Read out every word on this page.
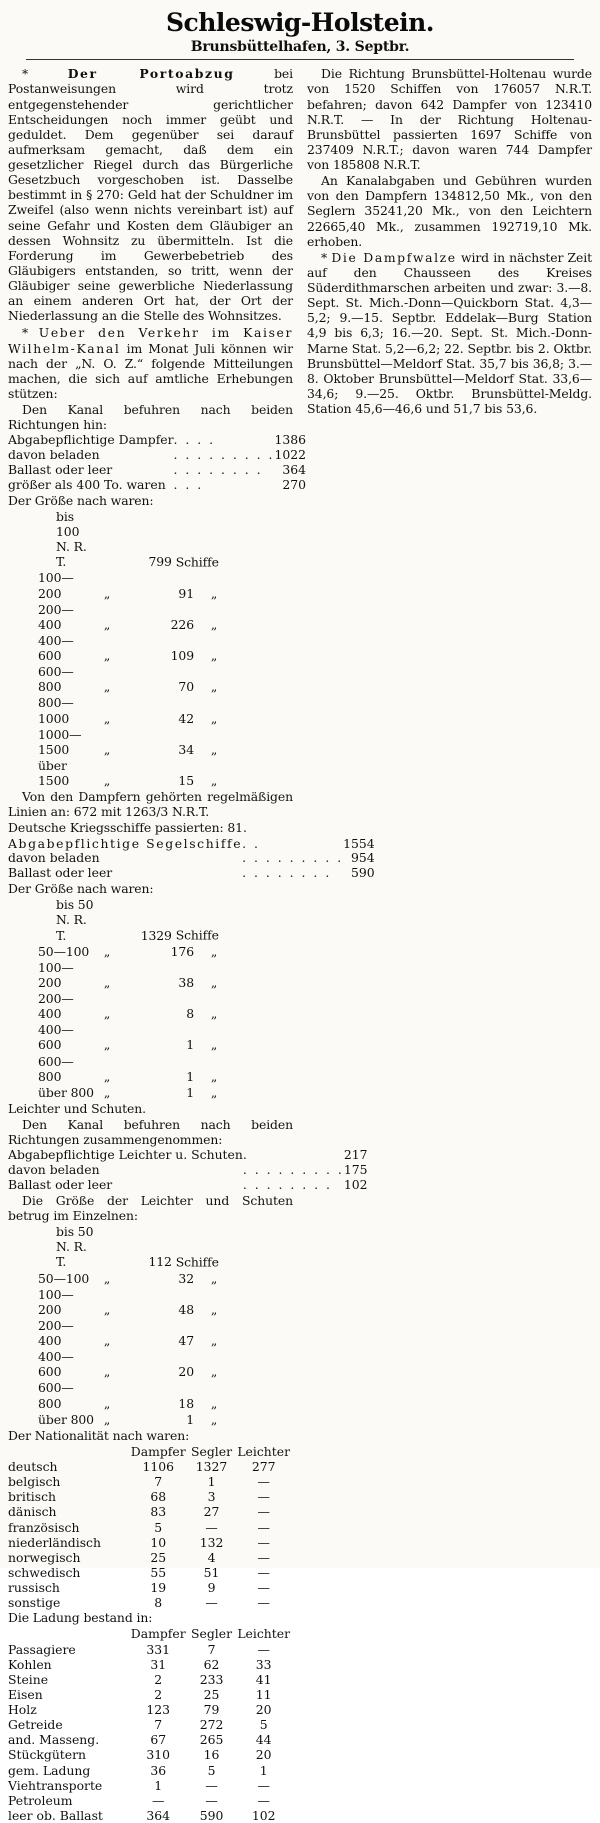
Schleswig-Holstein.
Brunsbüttelhafen, 3. Septbr.
*	Der Portoabzug	bei Postanweisungen wird trotz entgegenstehender gerichtlicher Entscheidungen noch immer geübt und geduldet. Dem gegenüber sei darauf aufmerksam gemacht, daß dem ein gesetzlicher Riegel durch das Bürgerliche Gesetzbuch vorgeschoben ist. Dasselbe bestimmt in § 270: Geld hat der Schuldner im Zweifel (also wenn nichts vereinbart ist) auf seine Gefahr und Kosten dem Gläubiger an dessen Wohnsitz zu übermitteln. Ist die Forderung im Gewerbebetrieb des Gläubigers entstanden, so tritt, wenn der Gläubiger seine gewerbliche Niederlassung an einem anderen Ort hat, der Ort der Niederlassung an die Stelle des Wohnsitzes.
* Ueber den Verkehr im Kaiser Wilhelm-Kanal im Monat Juli können wir nach der „N. O. Z.“ folgende Mitteilungen machen, die sich auf amtliche Erhebungen stützen:
Den Kanal befuhren nach beiden Richtungen hin:
Abgabepflichtige Dampfer	. . . .	1386
davon beladen	. . . . . . . . .	1022
Ballast oder leer	. . . . . . . .	364
größer als 400 To. waren	. . .	270
Der Größe nach waren:
bis 100 N. R. T.	799 Schiffe
100— 200	„	91 „
200— 400	„	226 „
400— 600	„	109 „
600— 800	„	70 „
800—1000	„	42 „
1000—1500	„	34 „
über 1500	„	15 „
Von den Dampfern gehörten regelmäßigen Linien an: 672 mit 1263/3 N.R.T.
Deutsche Kriegsschiffe passierten: 81.
Abgabepflichtige Segelschiffe	. .	1554
davon beladen	. . . . . . . . .	954
Ballast oder leer	. . . . . . . .	590
Der Größe nach waren:
bis 50 N. R. T.	1329 Schiffe
50—100 „	176 „
100—200	„	38 „
200—400	„	8 „
400—600	„	1 „
600—800	„	1 „
über 800 „	1 „
Leichter und Schuten.
Den Kanal befuhren nach beiden Richtungen zusammengenommen:
Abgabepflichtige Leichter u. Schuten	.	217
davon beladen	. . . . . . . . .	175
Ballast oder leer	. . . . . . . .	102
Die Größe der Leichter und Schuten betrug im Einzelnen:
bis 50 N. R. T.	112 Schiffe
50—100 „	32 „
100—200	„	48 „
200—400	„	47 „
400—600	„	20 „
600—800	„	18 „
über 800 „	1 „
Der Nationalität nach waren:
	Dampfer	Segler	Leichter
deutsch	1106	1327	277
belgisch	7	1	—
britisch	68	3	—
dänisch	83	27	—
französisch	5	—	—
niederländisch	10	132	—
norwegisch	25	4	—
schwedisch	55	51	—
russisch	19	9	—
sonstige	8	—	—
Die Ladung bestand in:
	Dampfer	Segler	Leichter
Passagiere	331	7	—
Kohlen	31	62	33
Steine	2	233	41
Eisen	2	25	11
Holz	123	79	20
Getreide	7	272	5
and. Masseng.	67	265	44
Stückgütern	310	16	20
gem. Ladung	36	5	1
Viehtransporte	1	—	—
Petroleum	—	—	—
leer ob. Ballast	364	590	102
Die Richtung Brunsbüttel-Holtenau wurde von 1520 Schiffen von 176057 N.R.T. befahren; davon 642 Dampfer von 123410 N.R.T. — In der Richtung Holtenau-Brunsbüttel passierten 1697 Schiffe von 237409 N.R.T.; davon waren 744 Dampfer von 185808 N.R.T.
An Kanalabgaben und Gebühren wurden von den Dampfern 134812,50 Mk., von den Seglern 35241,20 Mk., von den Leichtern 22665,40 Mk., zusammen 192719,10 Mk. erhoben.
* Die Dampfwalze wird in nächster Zeit auf den Chausseen des Kreises Süderdithmarschen arbeiten und zwar: 3.—8. Sept. St. Mich.-Donn—Quickborn Stat. 4,3—5,2; 9.—15. Septbr. Eddelak—Burg Station 4,9 bis 6,3; 16.—20. Sept. St. Mich.-Donn-Marne Stat. 5,2—6,2; 22. Septbr. bis 2. Oktbr. Brunsbüttel—Meldorf Stat. 35,7 bis 36,8; 3.—8. Oktober Brunsbüttel—Meldorf Stat. 33,6—34,6; 9.—25. Oktbr. Brunsbüttel-Meldg. Station 45,6—46,6 und 51,7 bis 53,6.
